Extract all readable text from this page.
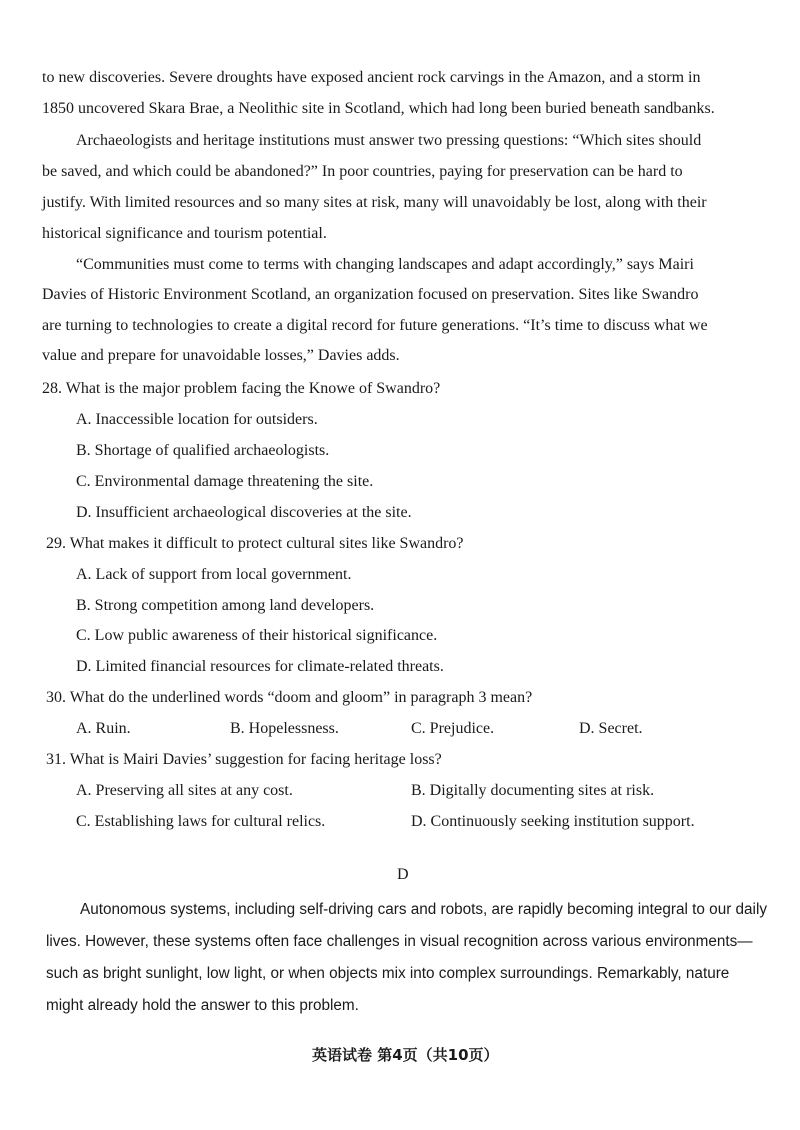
to new discoveries. Severe droughts have exposed ancient rock carvings in the Amazon, and a storm in
1850 uncovered Skara Brae, a Neolithic site in Scotland, which had long been buried beneath sandbanks.
Archaeologists and heritage institutions must answer two pressing questions: “Which sites should
be saved, and which could be abandoned?” In poor countries, paying for preservation can be hard to
justify. With limited resources and so many sites at risk, many will unavoidably be lost, along with their
historical significance and tourism potential.
“Communities must come to terms with changing landscapes and adapt accordingly,” says Mairi
Davies of Historic Environment Scotland, an organization focused on preservation. Sites like Swandro
are turning to technologies to create a digital record for future generations. “It’s time to discuss what we
value and prepare for unavoidable losses,” Davies adds.
28. What is the major problem facing the Knowe of Swandro?
A. Inaccessible location for outsiders.
B. Shortage of qualified archaeologists.
C. Environmental damage threatening the site.
D. Insufficient archaeological discoveries at the site.
29. What makes it difficult to protect cultural sites like Swandro?
A. Lack of support from local government.
B. Strong competition among land developers.
C. Low public awareness of their historical significance.
D. Limited financial resources for climate-related threats.
30. What do the underlined words “doom and gloom” in paragraph 3 mean?
A. Ruin.	B. Hopelessness.	C. Prejudice.	D. Secret.
31. What is Mairi Davies’ suggestion for facing heritage loss?
A. Preserving all sites at any cost.	B. Digitally documenting sites at risk.
C. Establishing laws for cultural relics.	D. Continuously seeking institution support.
D
Autonomous systems, including self-driving cars and robots, are rapidly becoming integral to our daily
lives. However, these systems often face challenges in visual recognition across various environments—
such as bright sunlight, low light, or when objects mix into complex surroundings. Remarkably, nature
might already hold the answer to this problem.
英语试卷 第4页（共10页）
